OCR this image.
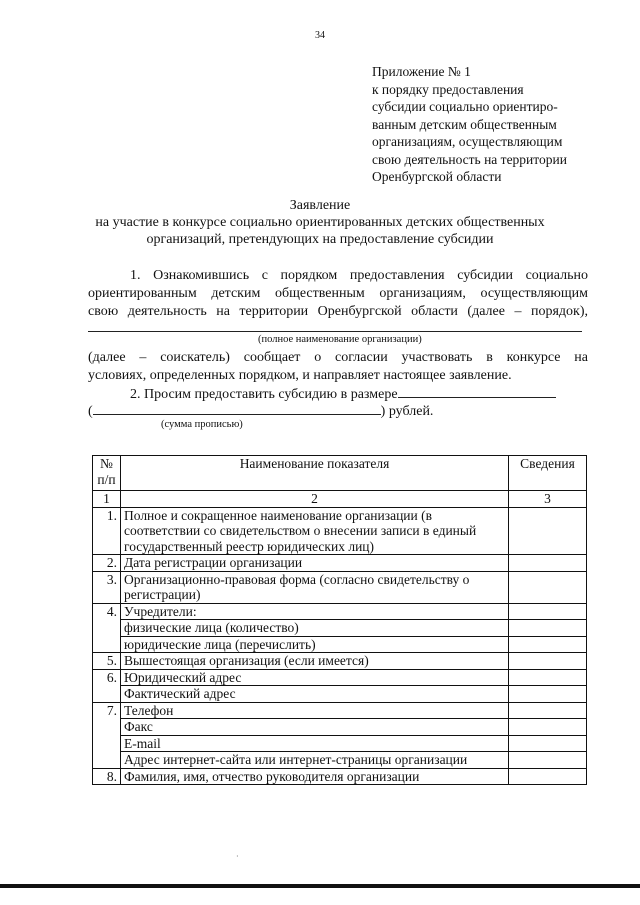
34
Приложение № 1
к порядку предоставления
субсидии социально ориентиро-
ванным детским общественным
организациям, осуществляющим
свою деятельность на территории
Оренбургской области
Заявление
на участие в конкурсе социально ориентированных детских общественных
организаций, претендующих на предоставление субсидии
1. Ознакомившись с порядком предоставления субсидии социально
ориентированным детским общественным организациям, осуществляющим
свою деятельность на территории Оренбургской области (далее – порядок),
(полное наименование организации)
(далее – соискатель) сообщает о согласии участвовать в конкурсе на
условиях, определенных порядком, и направляет настоящее заявление.
2. Просим предоставить субсидию в размере
(	) рублей.
(сумма прописью)
№ п/п	Наименование показателя	Сведения
1	2	3
1.	Полное и сокращенное наименование организации (в соответствии со свидетельством о внесении записи в единый государственный реестр юридических лиц)	
2.	Дата регистрации организации	
3.	Организационно-правовая форма (согласно свидетельству о регистрации)	
4.	Учредители:	
	физические лица (количество)	
	юридические лица (перечислить)	
5.	Вышестоящая организация (если имеется)	
6.	Юридический адрес	
	Фактический адрес	
7.	Телефон	
	Факс	
	E-mail	
	Адрес интернет-сайта или интернет-страницы организации	
8.	Фамилия, имя, отчество руководителя организации	
·
